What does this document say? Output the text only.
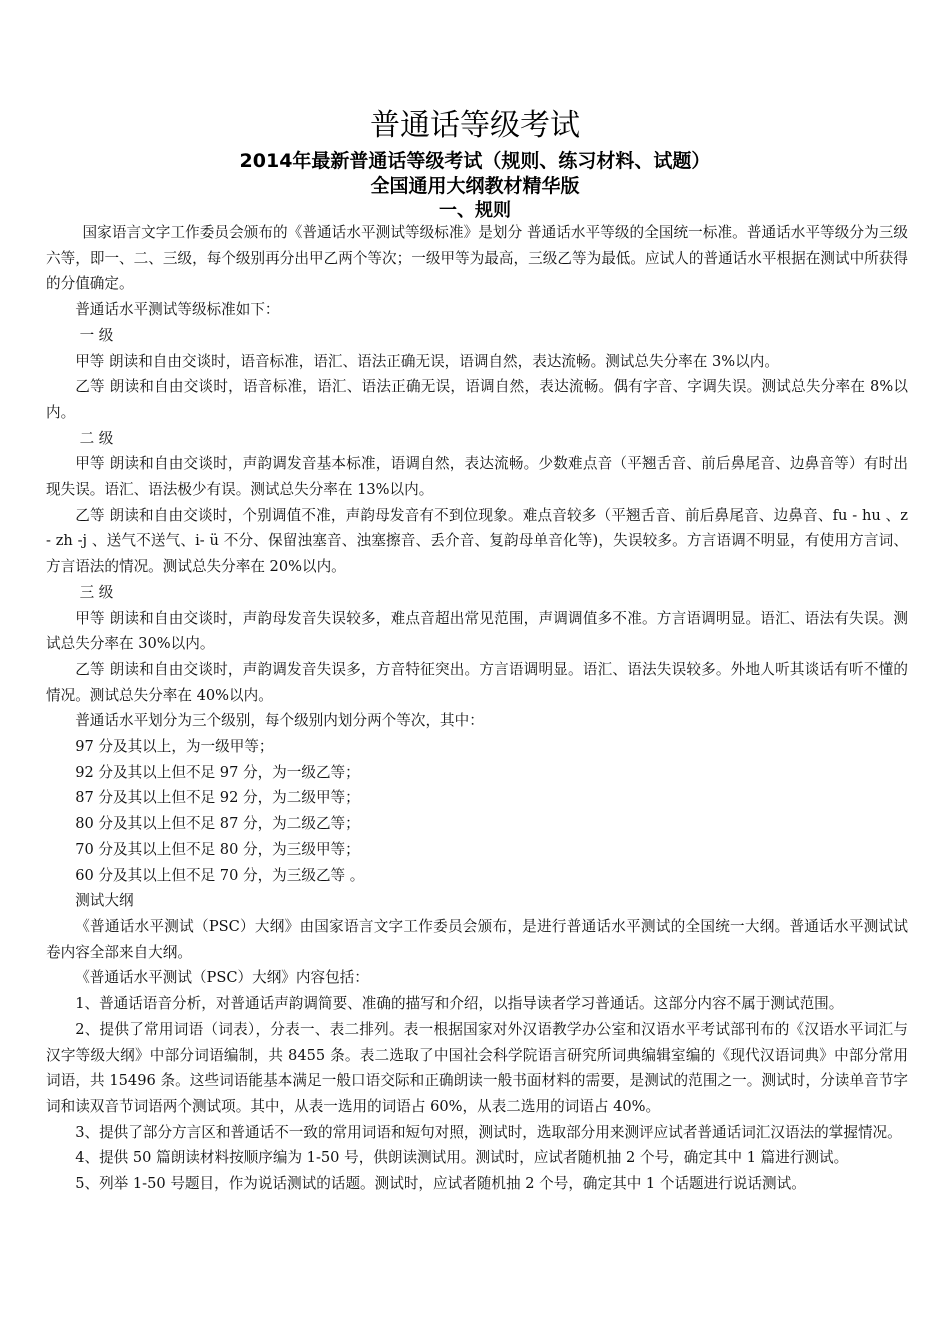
普通话等级考试
2014年最新普通话等级考试（规则、练习材料、试题）
全国通用大纲教材精华版
一、规则

国家语言文字工作委员会颁布的《普通话水平测试等级标准》是划分 普通话水平等级的全国统一标准。普通话水平等级分为三级六等，即一、二、三级，每个级别再分出甲乙两个等次；一级甲等为最高，三级乙等为最低。应试人的普通话水平根据在测试中所获得的分值确定。

普通话水平测试等级标准如下：

一 级

甲等 朗读和自由交谈时，语音标准，语汇、语法正确无误，语调自然，表达流畅。测试总失分率在 3%以内。

乙等 朗读和自由交谈时，语音标准，语汇、语法正确无误，语调自然，表达流畅。偶有字音、字调失误。测试总失分率在 8%以内。

二 级

甲等 朗读和自由交谈时，声韵调发音基本标准，语调自然，表达流畅。少数难点音（平翘舌音、前后鼻尾音、边鼻音等）有时出现失误。语汇、语法极少有误。测试总失分率在 13%以内。

乙等 朗读和自由交谈时，个别调值不准，声韵母发音有不到位现象。难点音较多（平翘舌音、前后鼻尾音、边鼻音、fu - hu 、z - zh -j 、送气不送气、i- ü 不分、保留浊塞音、浊塞擦音、丢介音、复韵母单音化等)，失误较多。方言语调不明显，有使用方言词、方言语法的情况。测试总失分率在 20%以内。

三 级

甲等 朗读和自由交谈时，声韵母发音失误较多，难点音超出常见范围，声调调值多不准。方言语调明显。语汇、语法有失误。测试总失分率在 30%以内。

乙等 朗读和自由交谈时，声韵调发音失误多，方音特征突出。方言语调明显。语汇、语法失误较多。外地人听其谈话有听不懂的情况。测试总失分率在 40%以内。

普通话水平划分为三个级别，每个级别内划分两个等次，其中：

97 分及其以上，为一级甲等；

92 分及其以上但不足 97 分，为一级乙等；

87 分及其以上但不足 92 分，为二级甲等；

80 分及其以上但不足 87 分，为二级乙等；

70 分及其以上但不足 80 分，为三级甲等；

60 分及其以上但不足 70 分，为三级乙等 。

测试大纲

《普通话水平测试（PSC）大纲》由国家语言文字工作委员会颁布，是进行普通话水平测试的全国统一大纲。普通话水平测试试卷内容全部来自大纲。

《普通话水平测试（PSC）大纲》内容包括：

1、普通话语音分析，对普通话声韵调简要、准确的描写和介绍，以指导读者学习普通话。这部分内容不属于测试范围。

2、提供了常用词语（词表），分表一、表二排列。表一根据国家对外汉语教学办公室和汉语水平考试部刊布的《汉语水平词汇与汉字等级大纲》中部分词语编制，共 8455 条。表二选取了中国社会科学院语言研究所词典编辑室编的《现代汉语词典》中部分常用词语，共 15496 条。这些词语能基本满足一般口语交际和正确朗读一般书面材料的需要，是测试的范围之一。测试时，分读单音节字词和读双音节词语两个测试项。其中，从表一选用的词语占 60%，从表二选用的词语占 40%。

3、提供了部分方言区和普通话不一致的常用词语和短句对照，测试时，选取部分用来测评应试者普通话词汇汉语法的掌握情况。

4、提供 50 篇朗读材料按顺序编为 1-50 号，供朗读测试用。测试时，应试者随机抽 2 个号，确定其中 1 篇进行测试。

5、列举 1-50 号题目，作为说话测试的话题。测试时，应试者随机抽 2 个号，确定其中 1 个话题进行说话测试。
